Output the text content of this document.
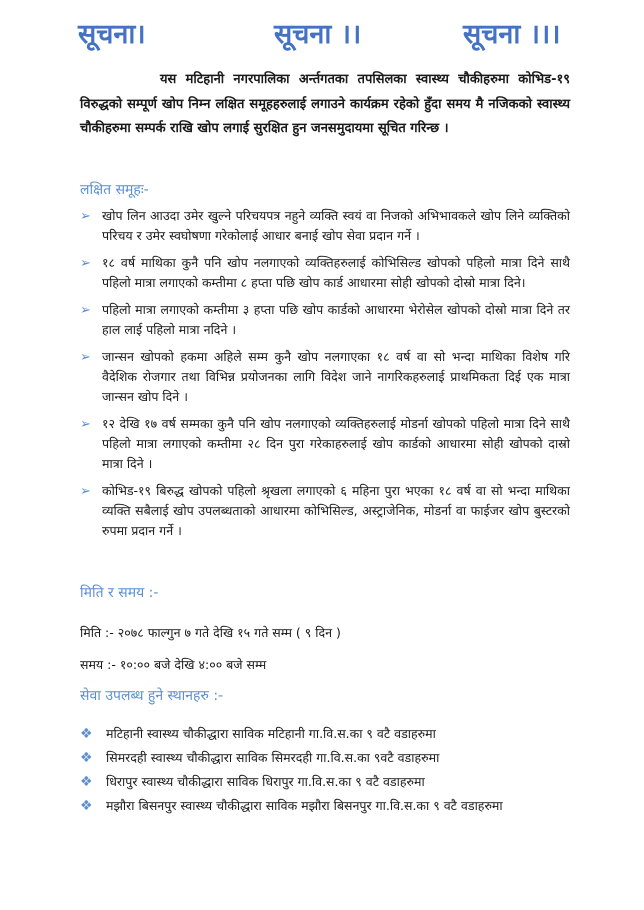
सूचना।	सूचना ।।	सूचना ।।।
यस मटिहानी नगरपालिका अर्न्तगतका तपसिलका स्वास्थ्य चौकीहरुमा कोभिड-१९ विरुद्धको सम्पूर्ण खोप निम्न लक्षित समूहहरुलाई लगाउने कार्यक्रम रहेको हुँदा समय मै नजिकको स्वास्थ्य चौकीहरुमा सम्पर्क राखि खोप लगाई सुरक्षित हुन जनसमुदायमा सूचित गरिन्छ ।
लक्षित समूहः-
➢ खोप लिन आउदा उमेर खुल्ने परिचयपत्र नहुने व्यक्ति स्वयं वा निजको अभिभावकले खोप लिने व्यक्तिको परिचय र उमेर स्वघोषणा गरेकोलाई आधार बनाई खोप सेवा प्रदान गर्ने ।
➢ १८ वर्ष माथिका कुनै पनि खोप नलगाएको व्यक्तिहरुलाई कोभिसिल्ड खोपको पहिलो मात्रा दिने साथै पहिलो मात्रा लगाएको कम्तीमा ८ हप्ता पछि खोप कार्ड आधारमा सोही खोपको दोस्रो मात्रा दिने।
➢ पहिलो मात्रा लगाएको कम्तीमा ३ हप्ता पछि खोप कार्डको आधारमा भेरोसेल खोपको दोस्रो मात्रा दिने तर हाल लाई पहिलो मात्रा नदिने ।
➢ जान्सन खोपको हकमा अहिले सम्म कुनै खोप नलगाएका १८ वर्ष वा सो भन्दा माथिका विशेष गरि वैदेशिक रोजगार तथा विभिन्न प्रयोजनका लागि विदेश जाने नागरिकहरुलाई प्राथमिकता दिई एक मात्रा जान्सन खोप दिने ।
➢ १२ देखि १७ वर्ष सम्मका कुनै पनि खोप नलगाएको व्यक्तिहरुलाई मोडर्ना खोपको पहिलो मात्रा दिने साथै पहिलो मात्रा लगाएको कम्तीमा २८ दिन पुरा गरेकाहरुलाई खोप कार्डको आधारमा सोही खोपको दास्रो मात्रा दिने ।
➢ कोभिड-१९ बिरुद्ध खोपको पहिलो श्रृखला लगाएको ६ महिना पुरा भएका १८ वर्ष वा सो भन्दा माथिका व्यक्ति सबैलाई खोप उपलब्धताको आधारमा कोभिसिल्ड, अस्ट्राजेनिक, मोडर्ना वा फाईजर खोप बुस्टरको रुपमा प्रदान गर्ने ।
मिति र समय :-
मिति :- २०७८ फाल्गुन ७ गते देखि १५ गते सम्म ( ९ दिन )
समय :- १०:०० बजे देखि ४:०० बजे सम्म
सेवा उपलब्ध हुने स्थानहरु :-
❖ मटिहानी स्वास्थ्य चौकीद्धारा साविक मटिहानी गा.वि.स.का ९ वटै वडाहरुमा
❖ सिमरदही स्वास्थ्य चौकीद्धारा साविक सिमरदही गा.वि.स.का ९वटै वडाहरुमा
❖ धिरापुर स्वास्थ्य चौकीद्धारा साविक धिरापुर गा.वि.स.का ९ वटै वडाहरुमा
❖ मझौरा बिसनपुर स्वास्थ्य चौकीद्धारा साविक मझौरा बिसनपुर गा.वि.स.का ९ वटै वडाहरुमा
